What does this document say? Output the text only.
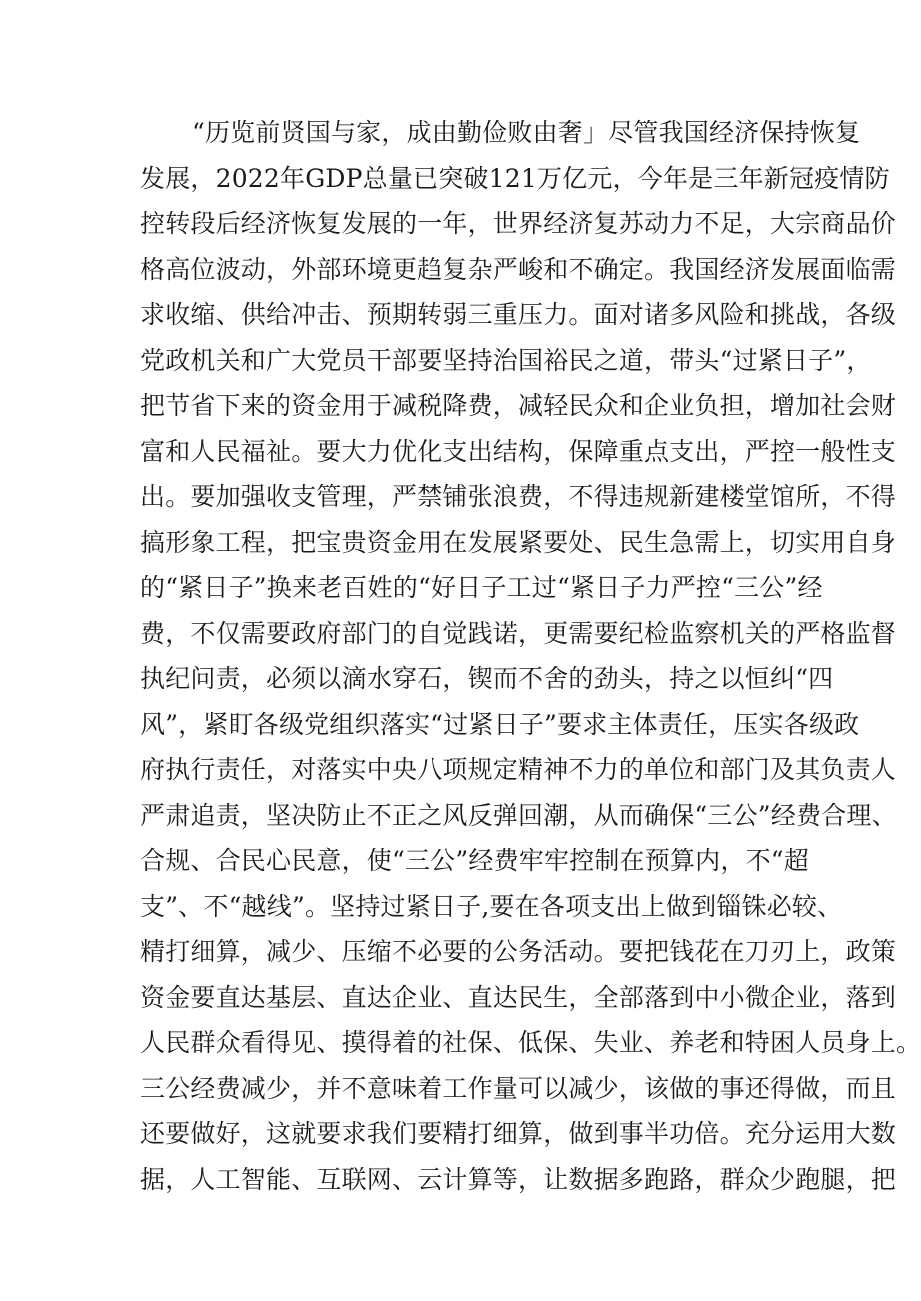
“历览前贤国与家，成由勤俭败由奢」尽管我国经济保持恢复
发展，2022年GDP总量已突破121万亿元，今年是三年新冠疫情防
控转段后经济恢复发展的一年，世界经济复苏动力不足，大宗商品价
格高位波动，外部环境更趋复杂严峻和不确定。我国经济发展面临需
求收缩、供给冲击、预期转弱三重压力。面对诸多风险和挑战，各级
党政机关和广大党员干部要坚持治国裕民之道，带头“过紧日子”，
把节省下来的资金用于减税降费，减轻民众和企业负担，增加社会财
富和人民福祉。要大力优化支出结构，保障重点支出，严控一般性支
出。要加强收支管理，严禁铺张浪费，不得违规新建楼堂馆所，不得
搞形象工程，把宝贵资金用在发展紧要处、民生急需上，切实用自身
的“紧日子”换来老百姓的“好日子工过“紧日子力严控“三公”经
费，不仅需要政府部门的自觉践诺，更需要纪检监察机关的严格监督
执纪问责，必须以滴水穿石，锲而不舍的劲头，持之以恒纠“四
风”，紧盯各级党组织落实“过紧日子”要求主体责任，压实各级政
府执行责任，对落实中央八项规定精神不力的单位和部门及其负责人
严肃追责，坚决防止不正之风反弹回潮，从而确保“三公”经费合理、
合规、合民心民意，使“三公”经费牢牢控制在预算内，不“超
支”、不“越线”。坚持过紧日子,要在各项支出上做到锱铢必较、
精打细算，减少、压缩不必要的公务活动。要把钱花在刀刃上，政策
资金要直达基层、直达企业、直达民生，全部落到中小微企业，落到
人民群众看得见、摸得着的社保、低保、失业、养老和特困人员身上。
三公经费减少，并不意味着工作量可以减少，该做的事还得做，而且
还要做好，这就要求我们要精打细算，做到事半功倍。充分运用大数
据，人工智能、互联网、云计算等，让数据多跑路，群众少跑腿，把
